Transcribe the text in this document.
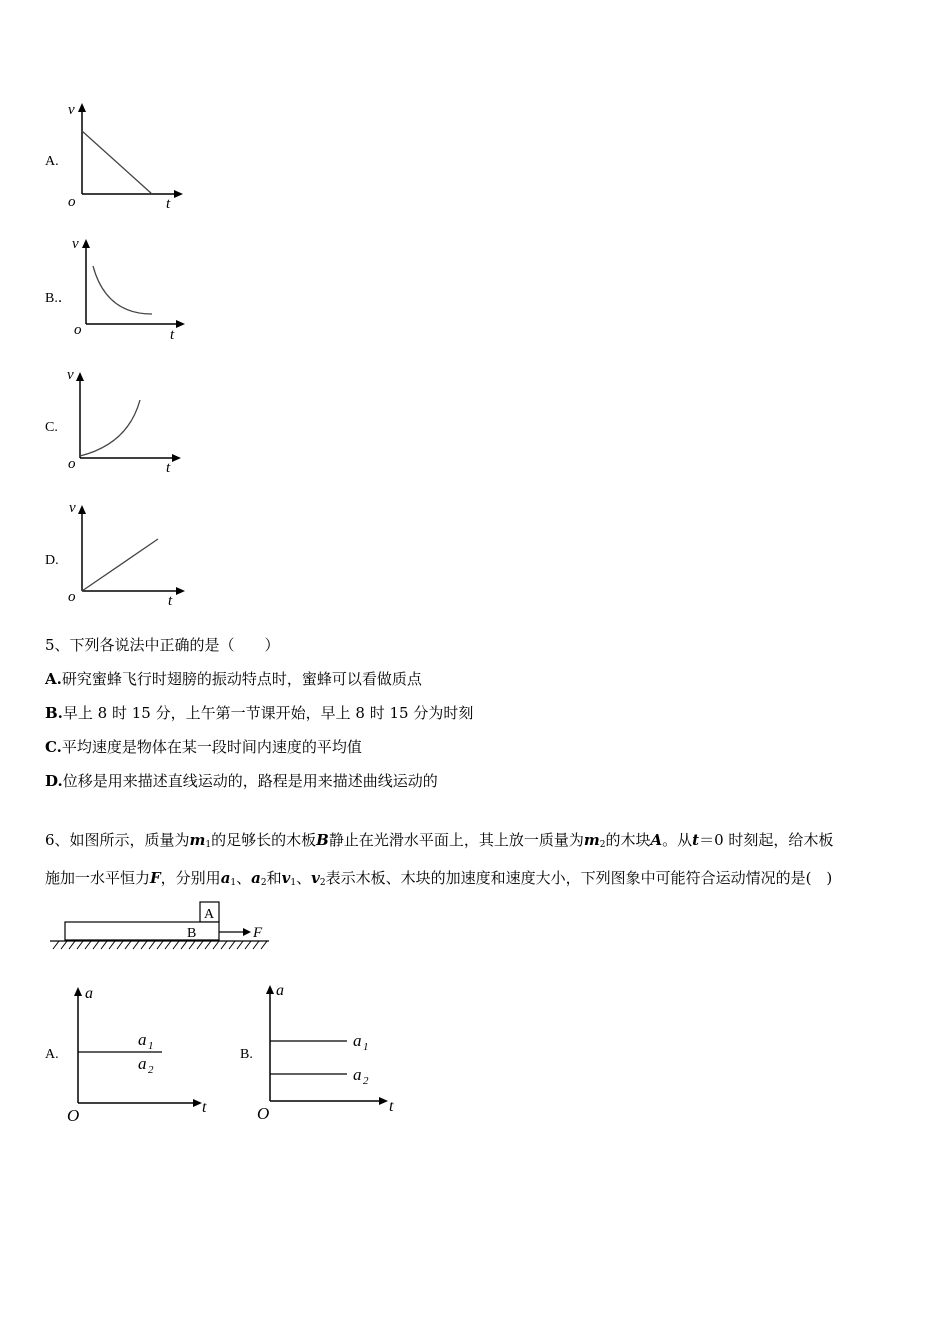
A.
v
o	t
B.．
v
o	t
C.
v
o	t
D.
v
o	t
5、下列各说法中正确的是（　　）
A.研究蜜蜂飞行时翅膀的振动特点时，蜜蜂可以看做质点
B.早上 8 时 15 分，上午第一节课开始，早上 8 时 15 分为时刻
C.平均速度是物体在某一段时间内速度的平均值
D.位移是用来描述直线运动的，路程是用来描述曲线运动的
6、如图所示，质量为$m_1$的足够长的木板B静止在光滑水平面上，其上放一质量为$m_2$的木块A。从t＝0 时刻起，给木板
施加一水平恒力F，分别用$a_1$、$a_2$和$v_1$、$v_2$表示木板、木块的加速度和速度大小，下列图象中可能符合运动情况的是(　)
A
B	F
A.
a
O	t
a 1
a 2
B.
a
O	t
a 1
a 2
